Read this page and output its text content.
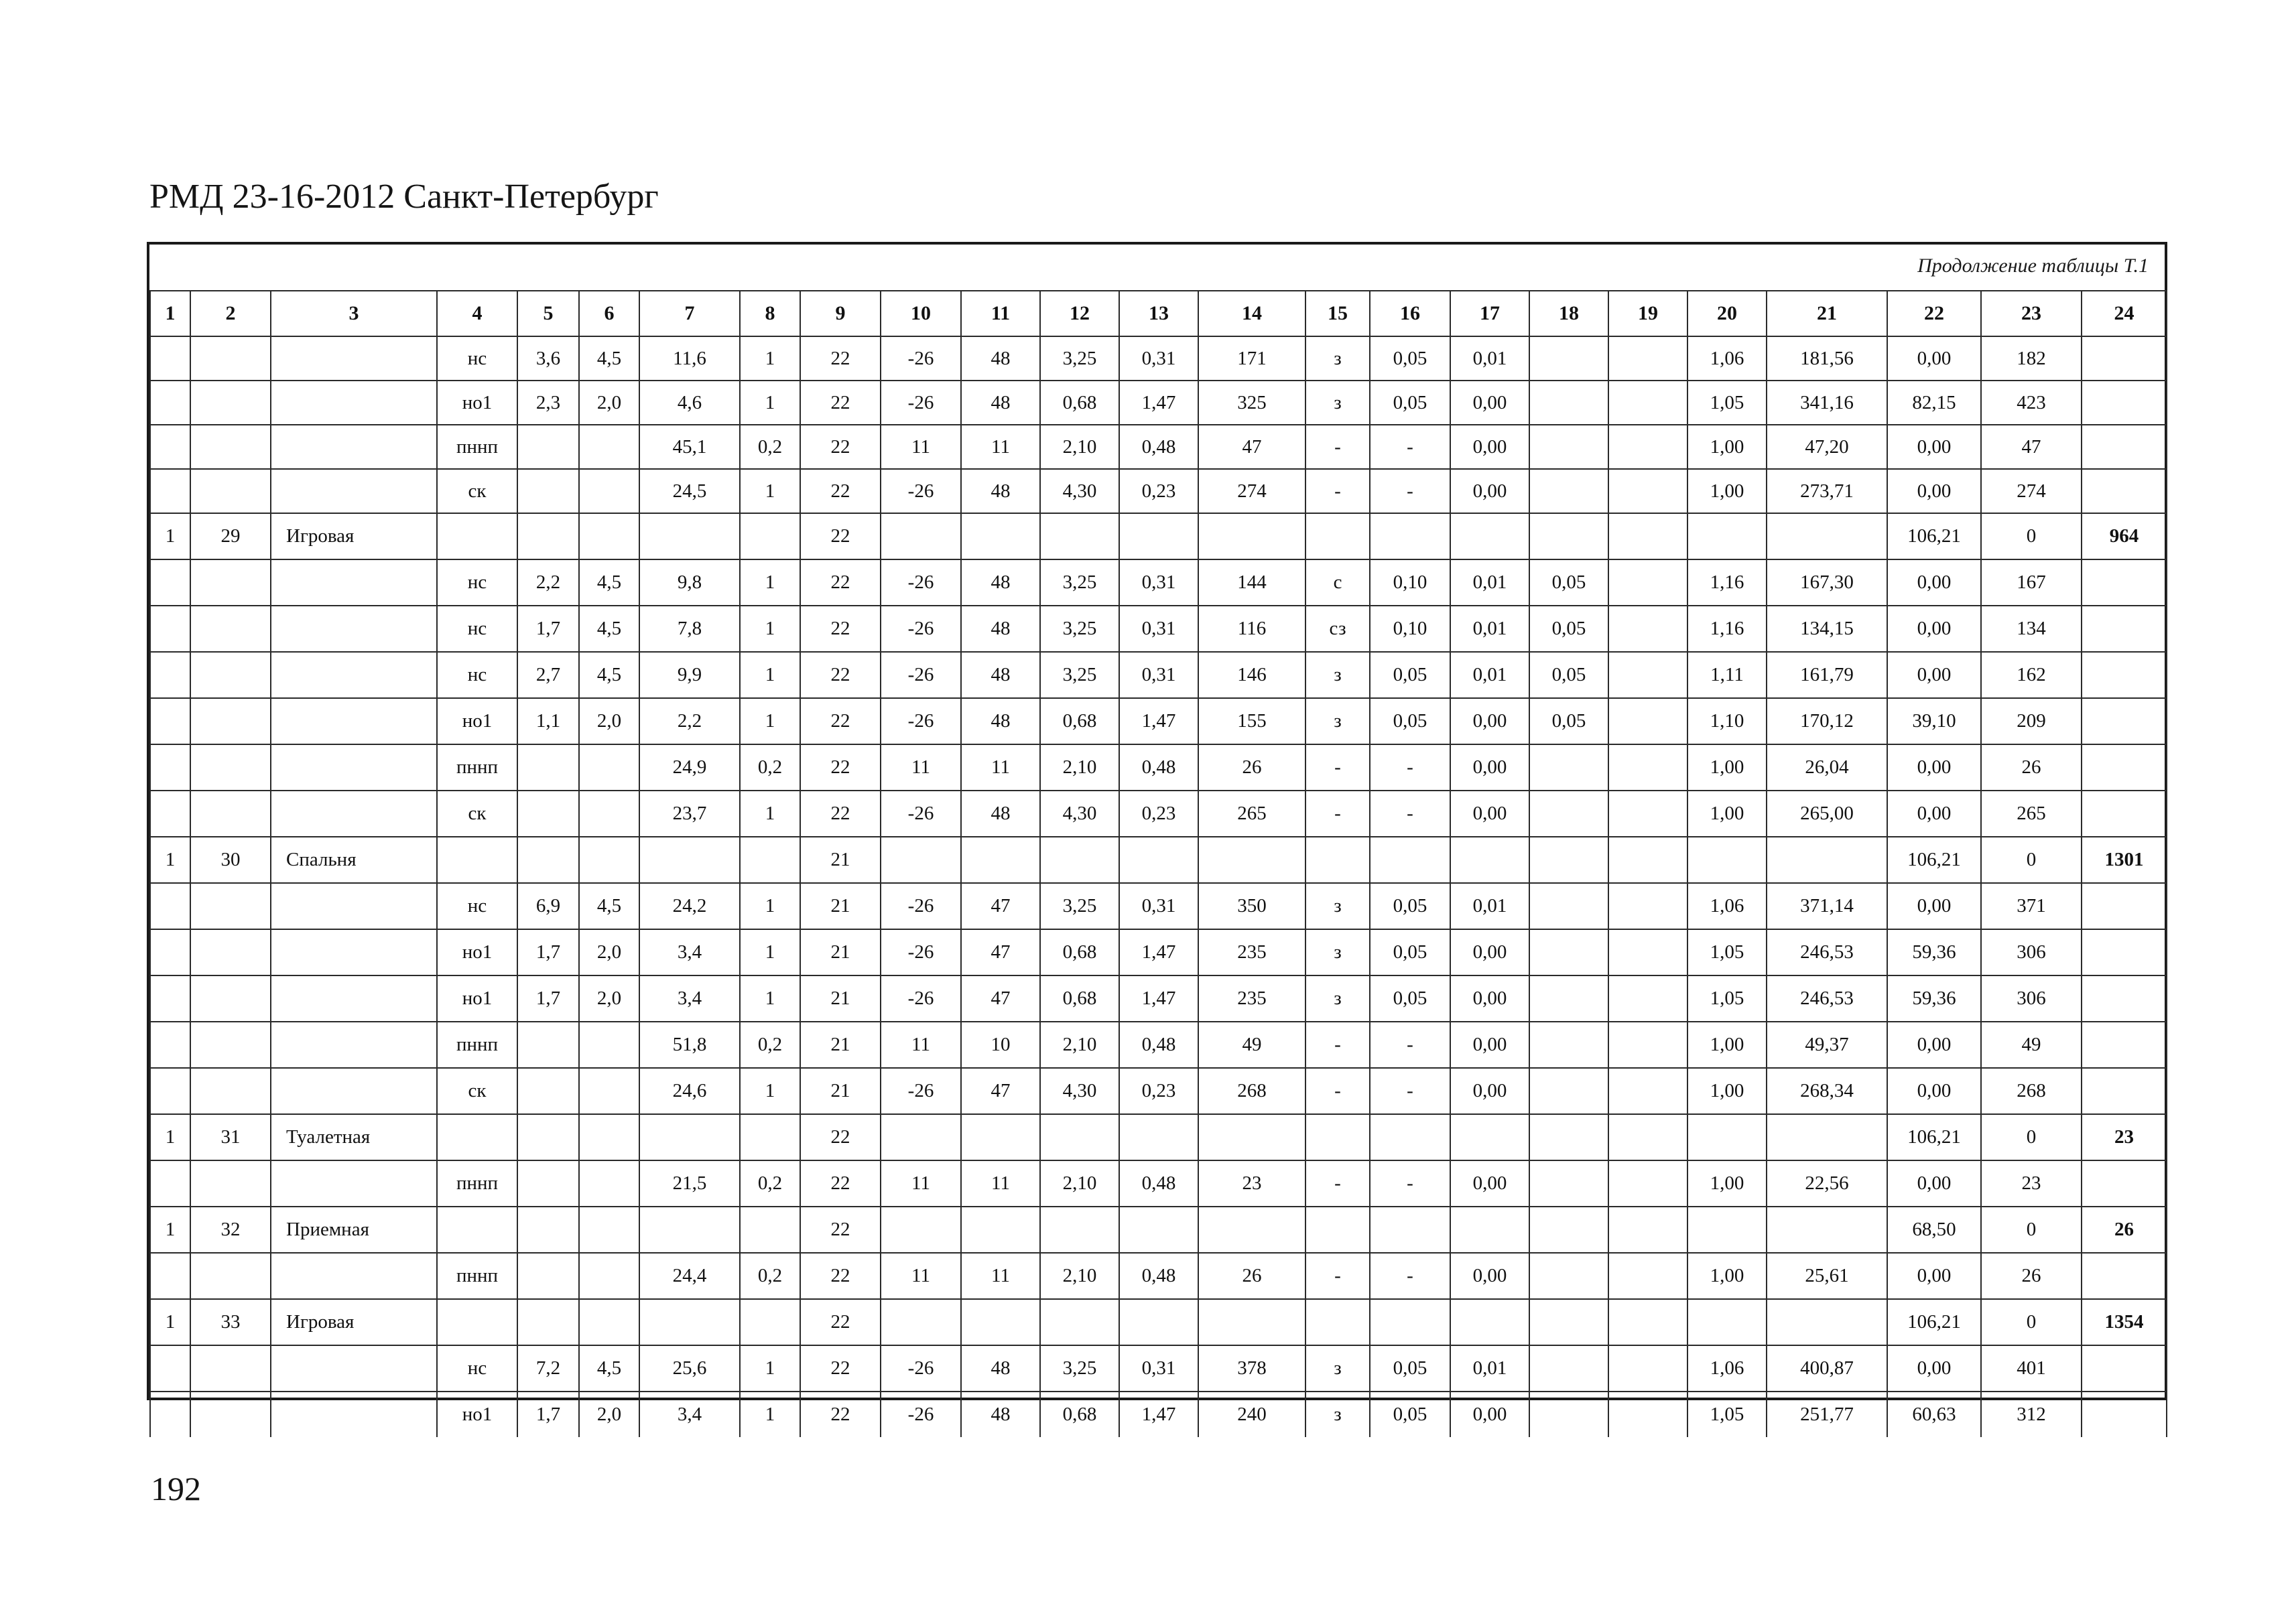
РМД 23-16-2012 Санкт-Петербург
Продолжение таблицы Т.1
1	2	3	4	5	6	7	8	9	10	11	12	13	14	15	16	17	18	19	20	21	22	23	24
			нс	3,6	4,5	11,6	1	22	-26	48	3,25	0,31	171	з	0,05	0,01			1,06	181,56	0,00	182	
			но1	2,3	2,0	4,6	1	22	-26	48	0,68	1,47	325	з	0,05	0,00			1,05	341,16	82,15	423	
			пннп			45,1	0,2	22	11	11	2,10	0,48	47	-	-	0,00			1,00	47,20	0,00	47	
			ск			24,5	1	22	-26	48	4,30	0,23	274	-	-	0,00			1,00	273,71	0,00	274	
1	29	Игровая						22													106,21	0	964
			нс	2,2	4,5	9,8	1	22	-26	48	3,25	0,31	144	с	0,10	0,01	0,05		1,16	167,30	0,00	167	
			нс	1,7	4,5	7,8	1	22	-26	48	3,25	0,31	116	сз	0,10	0,01	0,05		1,16	134,15	0,00	134	
			нс	2,7	4,5	9,9	1	22	-26	48	3,25	0,31	146	з	0,05	0,01	0,05		1,11	161,79	0,00	162	
			но1	1,1	2,0	2,2	1	22	-26	48	0,68	1,47	155	з	0,05	0,00	0,05		1,10	170,12	39,10	209	
			пннп			24,9	0,2	22	11	11	2,10	0,48	26	-	-	0,00			1,00	26,04	0,00	26	
			ск			23,7	1	22	-26	48	4,30	0,23	265	-	-	0,00			1,00	265,00	0,00	265	
1	30	Спальня						21													106,21	0	1301
			нс	6,9	4,5	24,2	1	21	-26	47	3,25	0,31	350	з	0,05	0,01			1,06	371,14	0,00	371	
			но1	1,7	2,0	3,4	1	21	-26	47	0,68	1,47	235	з	0,05	0,00			1,05	246,53	59,36	306	
			но1	1,7	2,0	3,4	1	21	-26	47	0,68	1,47	235	з	0,05	0,00			1,05	246,53	59,36	306	
			пннп			51,8	0,2	21	11	10	2,10	0,48	49	-	-	0,00			1,00	49,37	0,00	49	
			ск			24,6	1	21	-26	47	4,30	0,23	268	-	-	0,00			1,00	268,34	0,00	268	
1	31	Туалетная						22													106,21	0	23
			пннп			21,5	0,2	22	11	11	2,10	0,48	23	-	-	0,00			1,00	22,56	0,00	23	
1	32	Приемная						22													68,50	0	26
			пннп			24,4	0,2	22	11	11	2,10	0,48	26	-	-	0,00			1,00	25,61	0,00	26	
1	33	Игровая						22													106,21	0	1354
			нс	7,2	4,5	25,6	1	22	-26	48	3,25	0,31	378	з	0,05	0,01			1,06	400,87	0,00	401	
			но1	1,7	2,0	3,4	1	22	-26	48	0,68	1,47	240	з	0,05	0,00			1,05	251,77	60,63	312	
192
